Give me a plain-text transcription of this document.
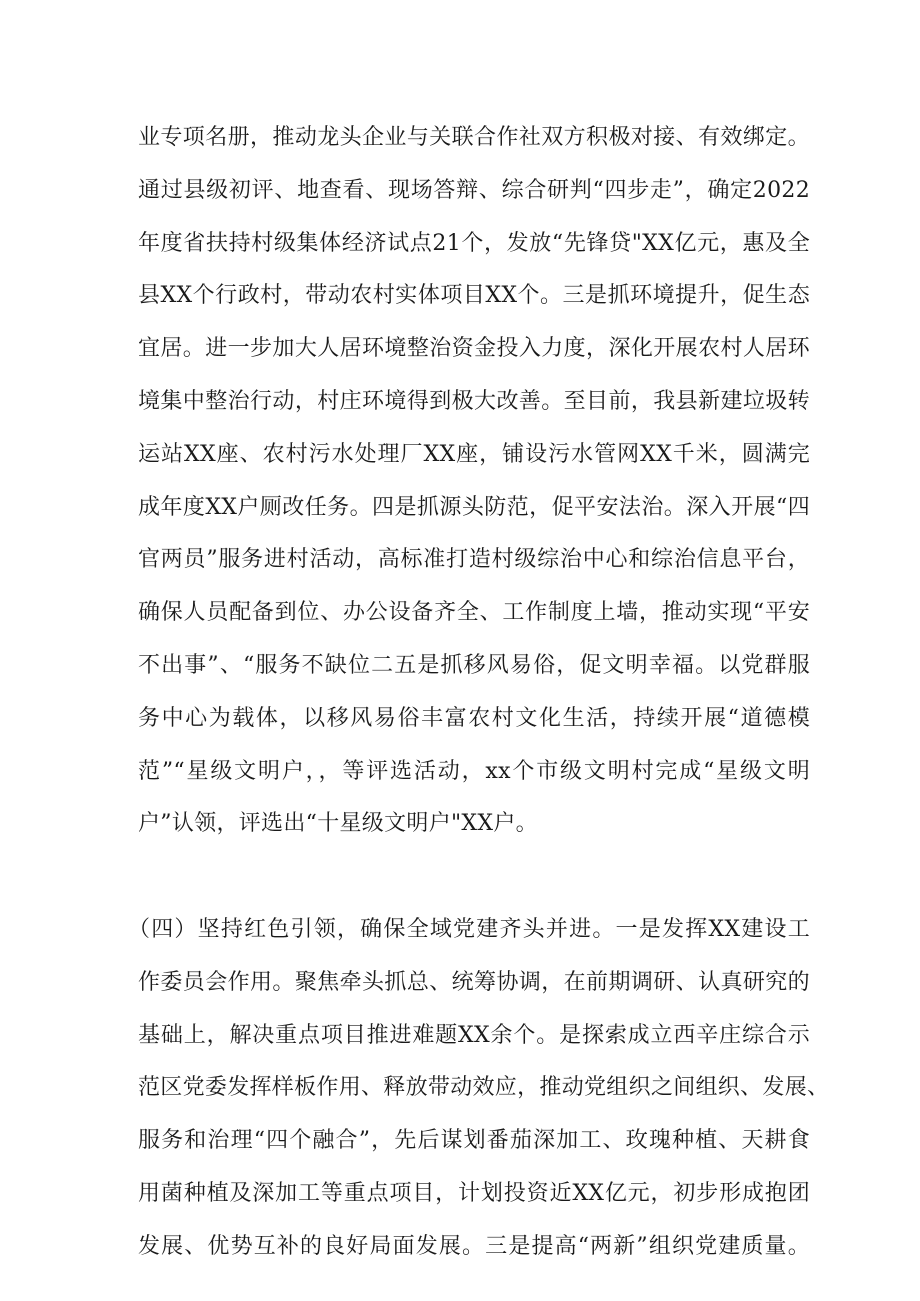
业专项名册，推动龙头企业与关联合作社双方积极对接、有效绑定。
通过县级初评、地查看、现场答辩、综合研判“四步走”，确定2022
年度省扶持村级集体经济试点21个，发放“先锋贷"XX亿元，惠及全
县XX个行政村，带动农村实体项目XX个。三是抓环境提升，促生态
宜居。进一步加大人居环境整治资金投入力度，深化开展农村人居环
境集中整治行动，村庄环境得到极大改善。至目前，我县新建垃圾转
运站XX座、农村污水处理厂XX座，铺设污水管网XX千米，圆满完
成年度XX户厕改任务。四是抓源头防范，促平安法治。深入开展“四
官两员”服务进村活动，高标准打造村级综治中心和综治信息平台，
确保人员配备到位、办公设备齐全、工作制度上墙，推动实现“平安
不出事”、“服务不缺位二五是抓移风易俗，促文明幸福。以党群服
务中心为载体，以移风易俗丰富农村文化生活，持续开展“道德模
范”“星级文明户，，等评选活动，xx个市级文明村完成“星级文明
户”认领，评选出“十星级文明户"XX户。
（四）坚持红色引领，确保全域党建齐头并进。一是发挥XX建设工
作委员会作用。聚焦牵头抓总、统筹协调，在前期调研、认真研究的
基础上，解决重点项目推进难题XX余个。是探索成立西辛庄综合示
范区党委发挥样板作用、释放带动效应，推动党组织之间组织、发展、
服务和治理“四个融合”，先后谋划番茄深加工、玫瑰种植、天耕食
用菌种植及深加工等重点项目，计划投资近XX亿元，初步形成抱团
发展、优势互补的良好局面发展。三是提高“两新”组织党建质量。
